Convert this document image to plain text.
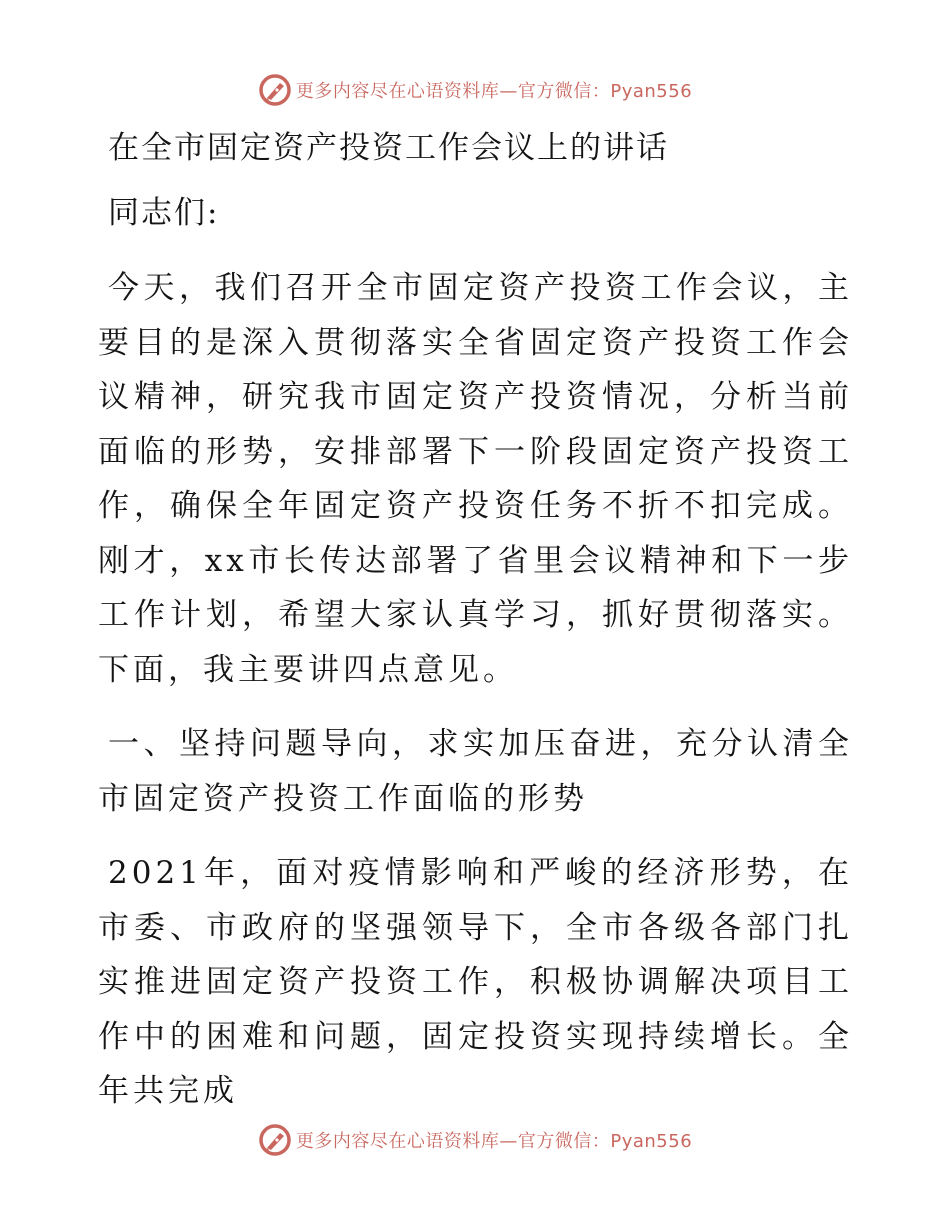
更多内容尽在心语资料库—官方微信：Pyan556
在全市固定资产投资工作会议上的讲话
同志们:

今天，我们召开全市固定资产投资工作会议，主要目的是深入贯彻落实全省固定资产投资工作会议精神，研究我市固定资产投资情况，分析当前面临的形势，安排部署下一阶段固定资产投资工作，确保全年固定资产投资任务不折不扣完成。刚才，xx市长传达部署了省里会议精神和下一步工作计划，希望大家认真学习，抓好贯彻落实。下面，我主要讲四点意见。

一、坚持问题导向，求实加压奋进，充分认清全市固定资产投资工作面临的形势

2021年，面对疫情影响和严峻的经济形势，在市委、市政府的坚强领导下，全市各级各部门扎实推进固定资产投资工作，积极协调解决项目工作中的困难和问题，固定投资实现持续增长。全年共完成

更多内容尽在心语资料库—官方微信：Pyan556
